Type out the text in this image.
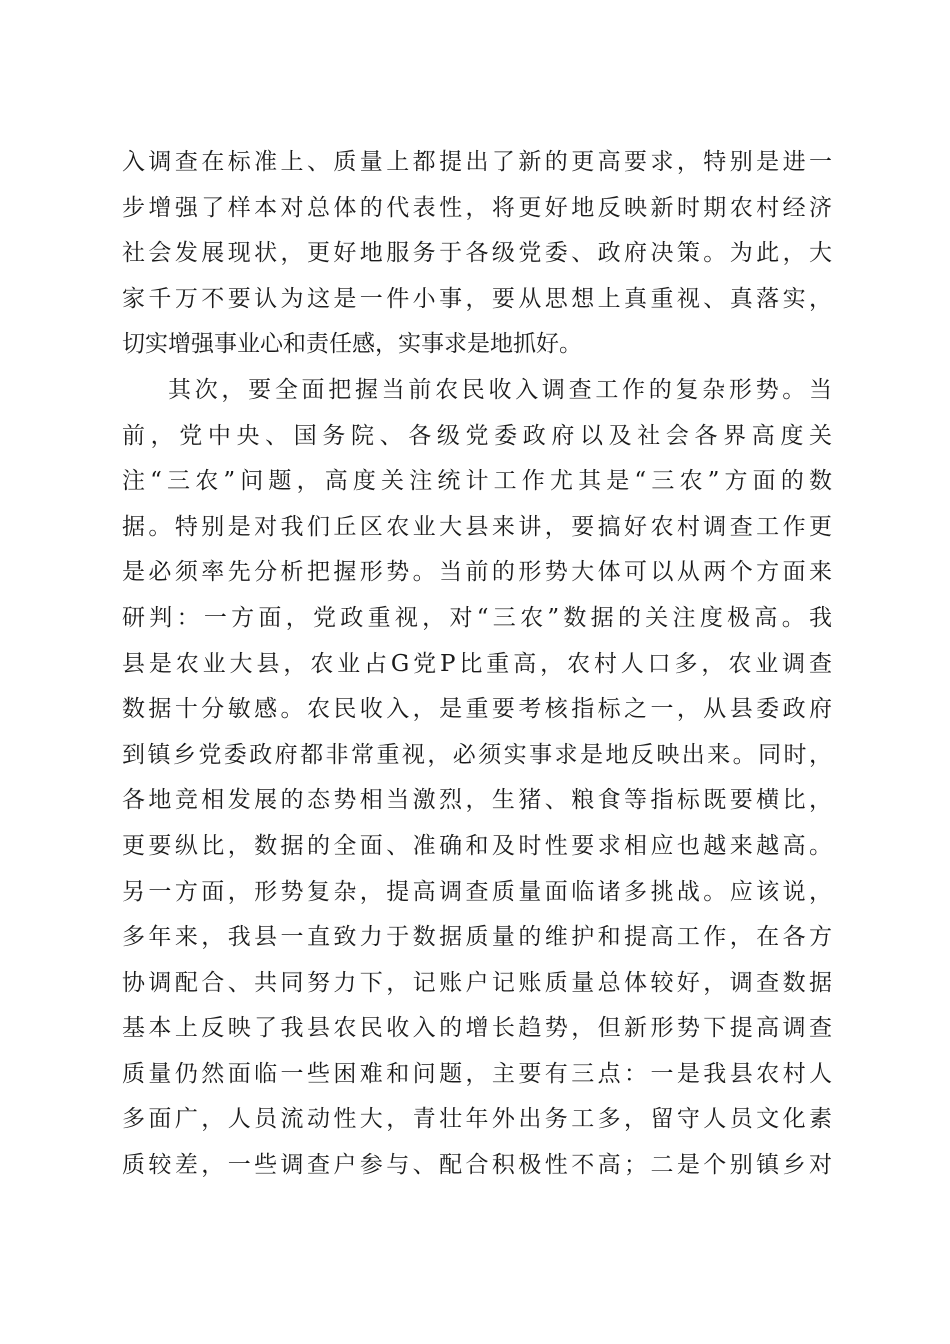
入调查在标准上、质量上都提出了新的更高要求，特别是进一
步增强了样本对总体的代表性，将更好地反映新时期农村经济
社会发展现状，更好地服务于各级党委、政府决策。为此，大
家千万不要认为这是一件小事，要从思想上真重视、真落实，
切实增强事业心和责任感，实事求是地抓好。
其次，要全面把握当前农民收入调查工作的复杂形势。当
前，党中央、国务院、各级党委政府以及社会各界高度关
注“三农”问题，高度关注统计工作尤其是“三农”方面的数
据。特别是对我们丘区农业大县来讲，要搞好农村调查工作更
是必须率先分析把握形势。当前的形势大体可以从两个方面来
研判：一方面，党政重视，对“三农”数据的关注度极高。我
县是农业大县，农业占G党P比重高，农村人口多，农业调查
数据十分敏感。农民收入，是重要考核指标之一，从县委政府
到镇乡党委政府都非常重视，必须实事求是地反映出来。同时，
各地竞相发展的态势相当激烈，生猪、粮食等指标既要横比，
更要纵比，数据的全面、准确和及时性要求相应也越来越高。
另一方面，形势复杂，提高调查质量面临诸多挑战。应该说，
多年来，我县一直致力于数据质量的维护和提高工作，在各方
协调配合、共同努力下，记账户记账质量总体较好，调查数据
基本上反映了我县农民收入的增长趋势，但新形势下提高调查
质量仍然面临一些困难和问题，主要有三点：一是我县农村人
多面广，人员流动性大，青壮年外出务工多，留守人员文化素
质较差，一些调查户参与、配合积极性不高；二是个别镇乡对
